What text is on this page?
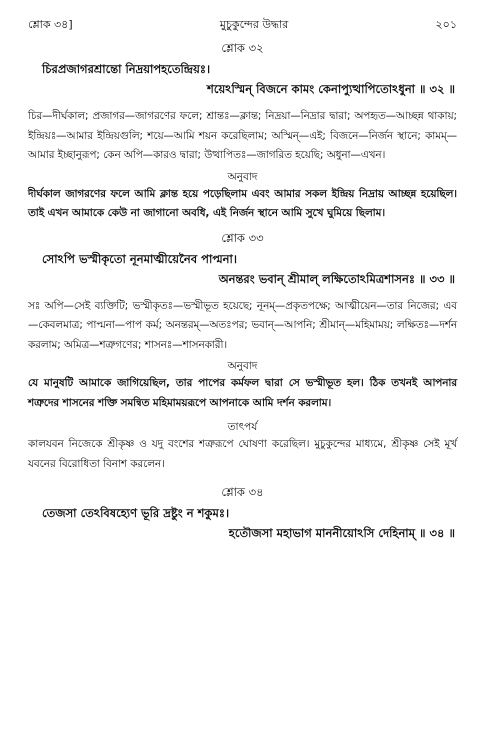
শ্লোক ৩৪]	মুচুকুন্দের উদ্ধার	২০১
শ্লোক ৩২
চিরপ্রজাগরশ্রান্তো নিদ্রয়াপহতেন্দ্রিয়ঃ।
শয়েঽস্মিন্ বিজনে কামং কেনাপ্যুত্থাপিতোঽধুনা ॥ ৩২ ॥

চির—দীর্ঘকাল; প্রজাগর—জাগরণের ফলে; শ্রান্তঃ—ক্লান্ত; নিদ্রয়া—নিদ্রার দ্বারা; অপহৃত—আচ্ছন্ন থাকায়; ইন্দ্রিয়ঃ—আমার ইন্দ্রিয়গুলি; শয়ে—আমি শয়ন করেছিলাম; অস্মিন্—এই; বিজনে—নির্জন স্থানে; কামম্—আমার ইচ্ছানুরূপ; কেন অপি—কারও দ্বারা; উত্থাপিতঃ—জাগরিত হয়েছি; অধুনা—এখন।

অনুবাদ

দীর্ঘকাল জাগরণের ফলে আমি ক্লান্ত হয়ে পড়েছিলাম এবং আমার সকল ইন্দ্রিয় নিদ্রায় আচ্ছন্ন হয়েছিল। তাই এখন আমাকে কেউ না জাগানো অবধি, এই নির্জন স্থানে আমি সুখে ঘুমিয়ে ছিলাম।

শ্লোক ৩৩
সোঽপি ভস্মীকৃতো নূনমাত্মীয়েনৈব পাপ্মনা।
অনন্তরং ভবান্ শ্রীমাল্ লক্ষিতোঽমিত্রশাসনঃ ॥ ৩৩ ॥

সঃ অপি—সেই ব্যক্তিটি; ভস্মীকৃতঃ—ভস্মীভূত হয়েছে; নূনম্—প্রকৃতপক্ষে; আত্মীয়েন—তার নিজের; এব—কেবলমাত্র; পাপ্মনা—পাপ কর্ম; অনন্তরম্—অতঃপর; ভবান্—আপনি; শ্রীমান্—মহিমাময়; লক্ষিতঃ—দর্শন করলাম; অমিত্র—শত্রুগণের; শাসনঃ—শাসনকারী।

অনুবাদ

যে মানুষটি আমাকে জাগিয়েছিল, তার পাপের কর্মফল দ্বারা সে ভস্মীভূত হল। ঠিক তখনই আপনার শত্রুদের শাসনের শক্তি সমন্বিত মহিমাময়রূপে আপনাকে আমি দর্শন করলাম।

তাৎপর্য

কালযবন নিজেকে শ্রীকৃষ্ণ ও যদু বংশের শত্রুরূপে ঘোষণা করেছিল। মুচুকুন্দের মাধ্যমে, শ্রীকৃষ্ণ সেই মূর্খ যবনের বিরোধিতা বিনাশ করলেন।

শ্লোক ৩৪
তেজসা তেঽবিষহ্যেণ ভূরি দ্রষ্টুং ন শকুমঃ।
হতৌজসা মহাভাগ মাননীয়োঽসি দেহিনাম্ ॥ ৩৪ ॥
